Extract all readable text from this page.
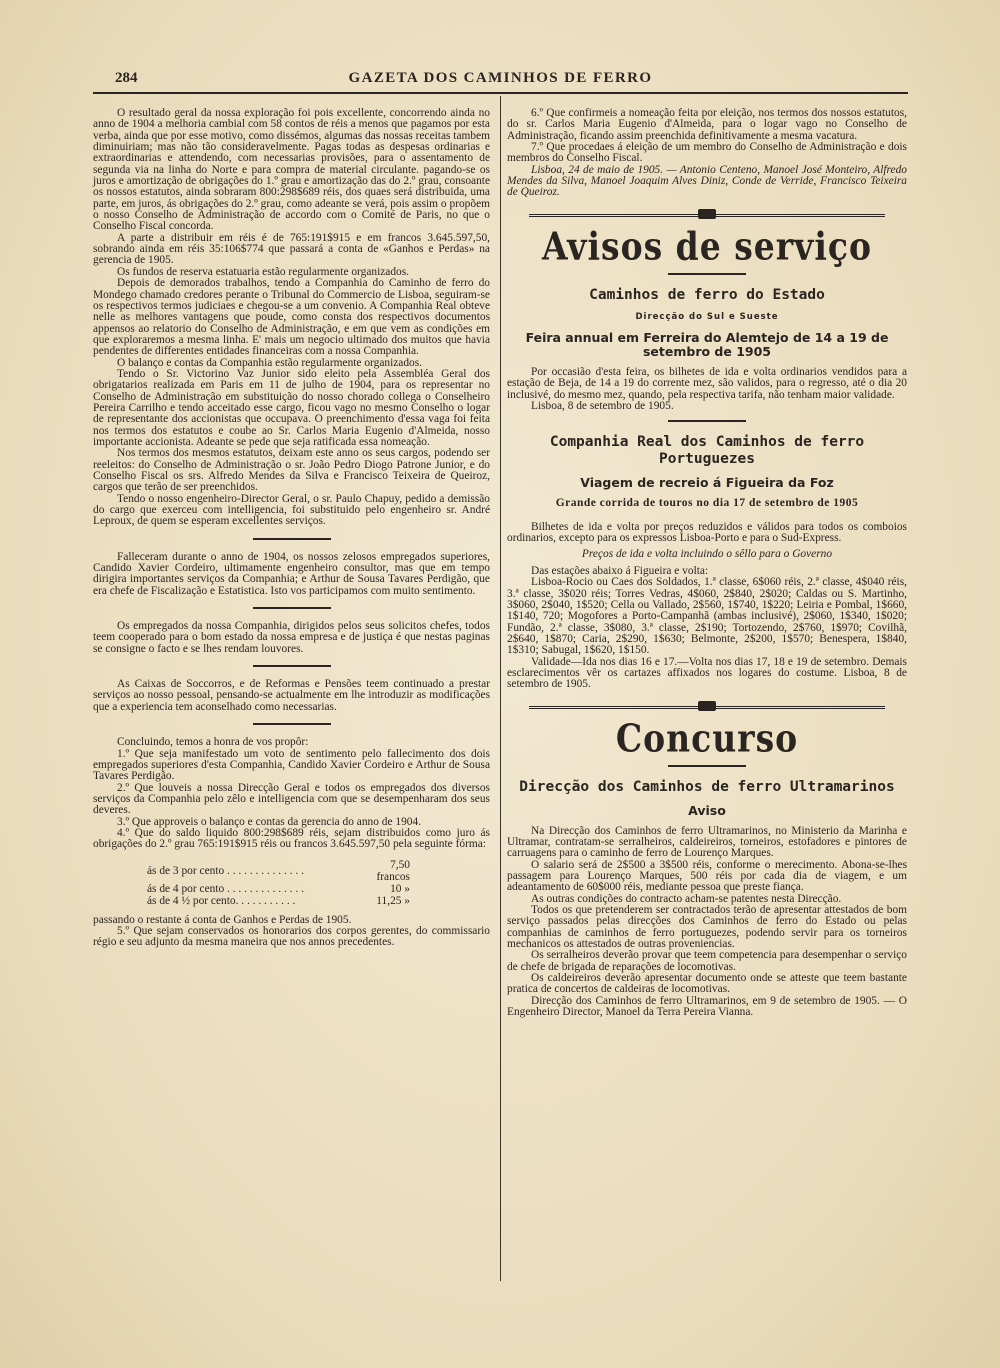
284	GAZETA DOS CAMINHOS DE FERRO

O resultado geral da nossa exploração foi pois excellente, concorrendo ainda no anno de 1904 a melhoria cambial com 58 contos de réis a menos que pagamos por esta verba, ainda que por esse motivo, como dissémos, algumas das nossas receitas tambem diminuiriam; mas não tão consideravelmente. Pagas todas as despesas ordinarias e extraordinarias e attendendo, com necessarias provisões, para o assentamento de segunda via na linha do Norte e para compra de material circulante. pagando-se os juros e amortização de obrigações do 1.º grau e amortização das do 2.º grau, consoante os nossos estatutos, ainda sobraram 800:298$689 réis, dos quaes será distribuida, uma parte, em juros, ás obrigações do 2.º grau, como adeante se verá, pois assim o propõem o nosso Conselho de Administração de accordo com o Comité de Paris, no que o Conselho Fiscal concorda.

A parte a distribuir em réis é de 765:191$915 e em francos 3.645.597,50, sobrando ainda em réis 35:106$774 que passará a conta de «Ganhos e Perdas» na gerencia de 1905.

Os fundos de reserva estatuaria estão regularmente organizados.

Depois de demorados trabalhos, tendo a Companhia do Caminho de ferro do Mondego chamado credores perante o Tribunal do Commercio de Lisboa, seguiram-se os respectivos termos judiciaes e chegou-se a um convenio. A Companhia Real obteve nelle as melhores vantagens que poude, como consta dos respectivos documentos appensos ao relatorio do Conselho de Administração, e em que vem as condições em que exploraremos a mesma linha. E' mais um negocio ultimado dos muitos que havia pendentes de differentes entidades financeiras com a nossa Companhia.

O balanço e contas da Companhia estão regularmente organizados.

Tendo o Sr. Victorino Vaz Junior sido eleito pela Assembléa Geral dos obrigatarios realizada em Paris em 11 de julho de 1904, para os representar no Conselho de Administração em substituição do nosso chorado collega o Conselheiro Pereira Carrilho e tendo acceitado esse cargo, ficou vago no mesmo Conselho o logar de representante dos accionistas que occupava. O preenchimento d'essa vaga foi feita nos termos dos estatutos e coube ao Sr. Carlos Maria Eugenio d'Almeida, nosso importante accionista. Adeante se pede que seja ratificada essa nomeação.

Nos termos dos mesmos estatutos, deixam este anno os seus cargos, podendo ser reeleitos: do Conselho de Administração o sr. João Pedro Diogo Patrone Junior, e do Conselho Fiscal os srs. Alfredo Mendes da Silva e Francisco Teixeira de Queiroz, cargos que terão de ser preenchidos.

Tendo o nosso engenheiro-Director Geral, o sr. Paulo Chapuy, pedido a demissão do cargo que exerceu com intelligencia, foi substituido pelo engenheiro sr. André Leproux, de quem se esperam excellentes serviços.

Falleceram durante o anno de 1904, os nossos zelosos empregados superiores, Candido Xavier Cordeiro, ultimamente engenheiro consultor, mas que em tempo dirigira importantes serviços da Companhia; e Arthur de Sousa Tavares Perdigão, que era chefe de Fiscalização e Estatistica. Isto vos participamos com muito sentimento.

Os empregados da nossa Companhia, dirigidos pelos seus solicitos chefes, todos teem cooperado para o bom estado da nossa empresa e de justiça é que nestas paginas se consigne o facto e se lhes rendam louvores.

As Caixas de Soccorros, e de Reformas e Pensões teem continuado a prestar serviços ao nosso pessoal, pensando-se actualmente em lhe introduzir as modificações que a experiencia tem aconselhado como necessarias.

Concluindo, temos a honra de vos propôr:

1.º Que seja manifestado um voto de sentimento pelo fallecimento dos dois empregados superiores d'esta Companhia, Candido Xavier Cordeiro e Arthur de Sousa Tavares Perdigão.

2.º Que louveis a nossa Direcção Geral e todos os empregados dos diversos serviços da Companhia pelo zêlo e intelligencia com que se desempenharam dos seus deveres.

3.º Que approveis o balanço e contas da gerencia do anno de 1904.

4.º Que do saldo liquido 800:298$689 réis, sejam distribuidos como juro ás obrigações do 2.º grau 765:191$915 réis ou francos 3.645.597,50 pela seguinte fórma:

ás de 3 por cento . . . . . . . . . . . . . .	7,50 francos
ás de 4 por cento . . . . . . . . . . . . . .	10 »
ás de 4 ½ por cento. . . . . . . . . . .	11,25 »

passando o restante á conta de Ganhos e Perdas de 1905.

5.º Que sejam conservados os honorarios dos corpos gerentes, do commissario régio e seu adjunto da mesma maneira que nos annos precedentes.

6.º Que confirmeis a nomeação feita por eleição, nos termos dos nossos estatutos, do sr. Carlos Maria Eugenio d'Almeida, para o logar vago no Conselho de Administração, ficando assim preenchida definitivamente a mesma vacatura.

7.º Que procedaes á eleição de um membro do Conselho de Administração e dois membros do Conselho Fiscal.

Lisboa, 24 de maio de 1905. — Antonio Centeno, Manoel José Monteiro, Alfredo Mendes da Silva, Manoel Joaquim Alves Diniz, Conde de Verride, Francisco Teixeira de Queiroz.

Avisos de serviço
Caminhos de ferro do Estado
Direcção do Sul e Sueste
Feira annual em Ferreira do Alemtejo de 14 a 19 de setembro de 1905

Por occasião d'esta feira, os bilhetes de ida e volta ordinarios vendidos para a estação de Beja, de 14 a 19 do corrente mez, são validos, para o regresso, até o dia 20 inclusivé, do mesmo mez, quando, pela respectiva tarifa, não tenham maior validade.

Lisboa, 8 de setembro de 1905.

Companhia Real dos Caminhos de ferro Portuguezes
Viagem de recreio á Figueira da Foz
Grande corrida de touros no dia 17 de setembro de 1905

Bilhetes de ida e volta por preços reduzidos e válidos para todos os comboios ordinarios, excepto para os expressos Lisboa-Porto e para o Sud-Express.

Preços de ida e volta incluindo o sêllo para o Governo

Das estações abaixo á Figueira e volta:

Lisboa-Rocio ou Caes dos Soldados, 1.ª classe, 6$060 réis, 2.ª classe, 4$040 réis, 3.ª classe, 3$020 réis; Torres Vedras, 4$060, 2$840, 2$020; Caldas ou S. Martinho, 3$060, 2$040, 1$520; Cella ou Vallado, 2$560, 1$740, 1$220; Leiria e Pombal, 1$660, 1$140, 720; Mogofores a Porto-Campanhã (ambas inclusivé), 2$060, 1$340, 1$020; Fundão, 2.ª classe, 3$080, 3.ª classe, 2$190; Tortozendo, 2$760, 1$970; Covilhã, 2$640, 1$870; Caria, 2$290, 1$630; Belmonte, 2$200, 1$570; Benespera, 1$840, 1$310; Sabugal, 1$620, 1$150.

Validade—Ida nos dias 16 e 17.—Volta nos dias 17, 18 e 19 de setembro. Demais esclarecimentos vêr os cartazes affixados nos logares do costume. Lisboa, 8 de setembro de 1905.

Concurso
Direcção dos Caminhos de ferro Ultramarinos
Aviso

Na Direcção dos Caminhos de ferro Ultramarinos, no Ministerio da Marinha e Ultramar, contratam-se serralheiros, caldeireiros, torneiros, estofadores e pintores de carruagens para o caminho de ferro de Lourenço Marques.

O salario será de 2$500 a 3$500 réis, conforme o merecimento. Abona-se-lhes passagem para Lourenço Marques, 500 réis por cada dia de viagem, e um adeantamento de 60$000 réis, mediante pessoa que preste fiança.

As outras condições do contracto acham-se patentes nesta Direcção.

Todos os que pretenderem ser contractados terão de apresentar attestados de bom serviço passados pelas direcções dos Caminhos de ferro do Estado ou pelas companhias de caminhos de ferro portuguezes, podendo servir para os torneiros mechanicos os attestados de outras proveniencias.

Os serralheiros deverão provar que teem competencia para desempenhar o serviço de chefe de brigada de reparações de locomotivas.

Os caldeireiros deverão apresentar documento onde se atteste que teem bastante pratica de concertos de caldeiras de locomotivas.

Direcção dos Caminhos de ferro Ultramarinos, em 9 de setembro de 1905. — O Engenheiro Director, Manoel da Terra Pereira Vianna.
